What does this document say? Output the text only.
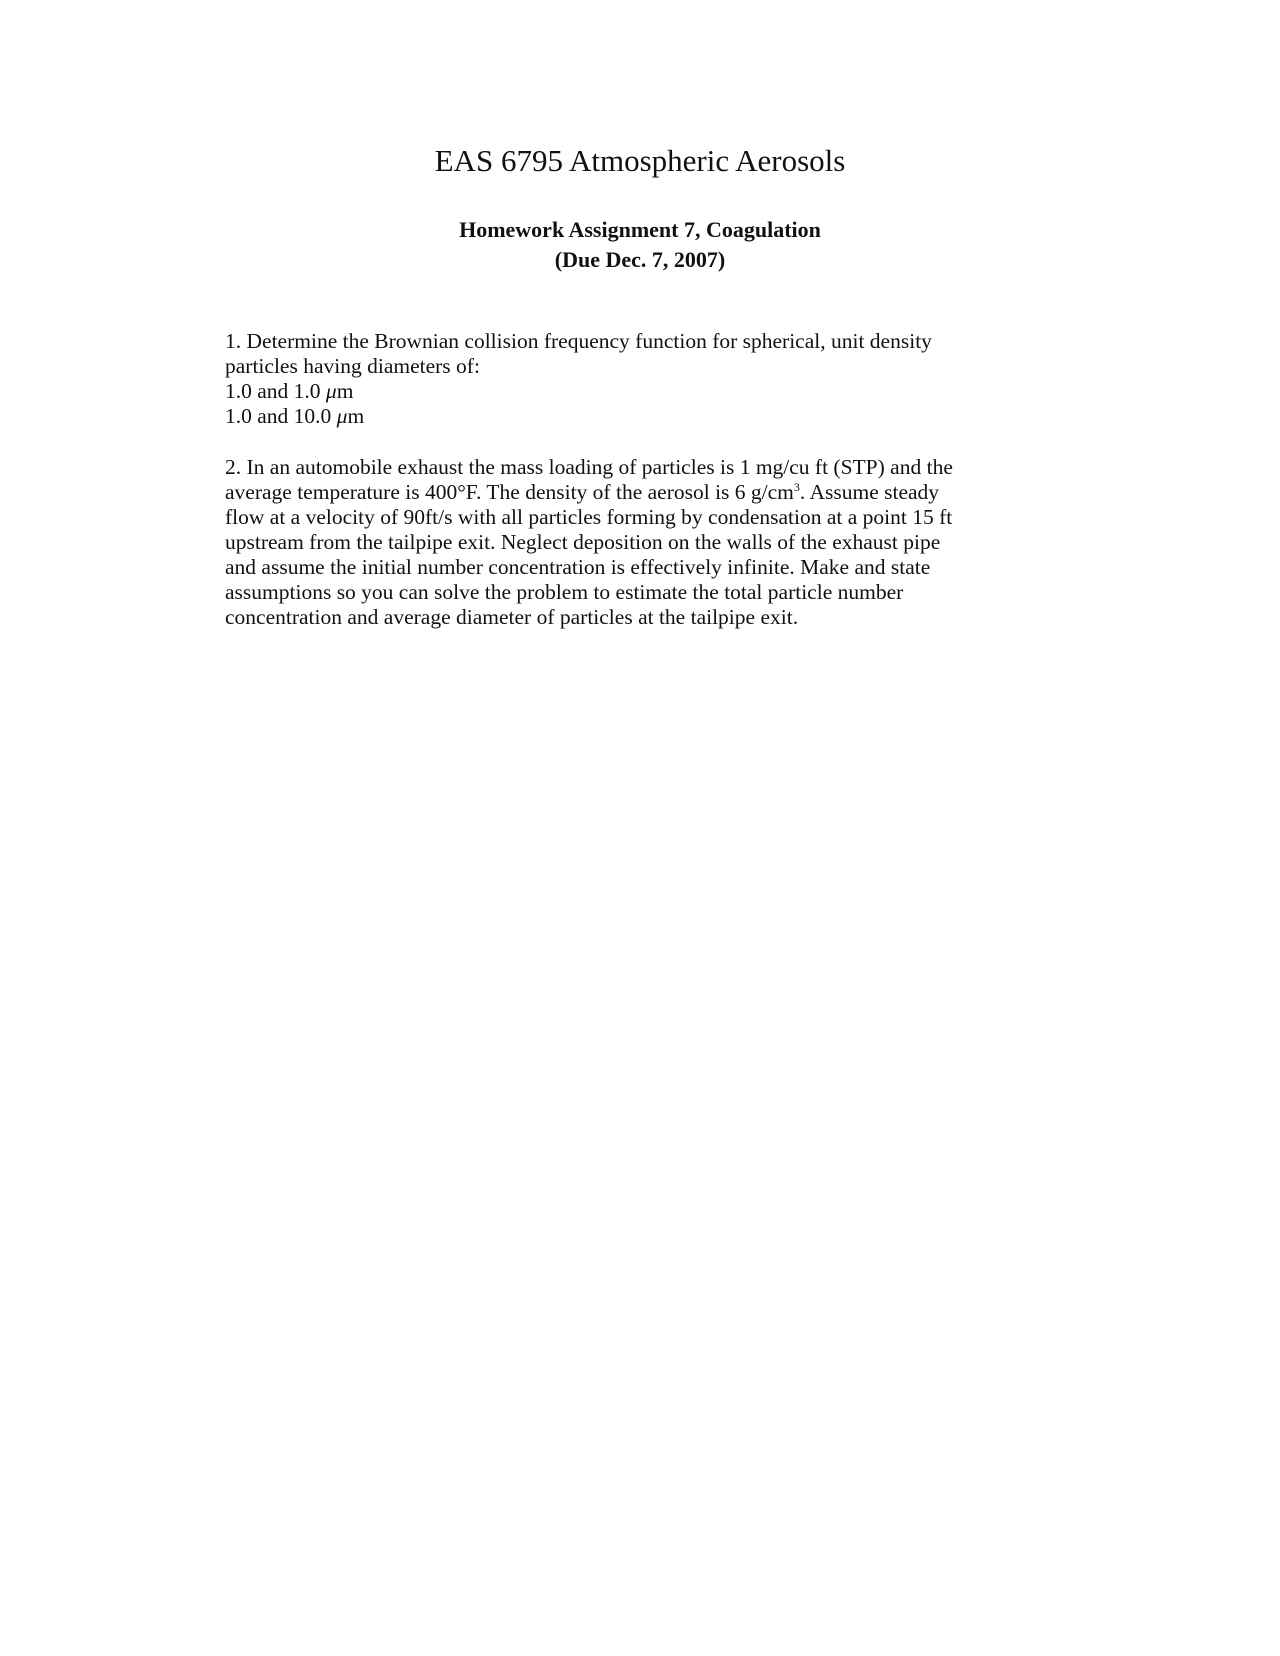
EAS 6795 Atmospheric Aerosols
Homework Assignment 7, Coagulation
(Due Dec. 7, 2007)
1. Determine the Brownian collision frequency function for spherical, unit density
particles having diameters of:
1.0 and 1.0 μm
1.0 and 10.0 μm
2. In an automobile exhaust the mass loading of particles is 1 mg/cu ft (STP) and the
average temperature is 400°F. The density of the aerosol is 6 $g/cm^3$. Assume steady
flow at a velocity of 90ft/s with all particles forming by condensation at a point 15 ft
upstream from the tailpipe exit. Neglect deposition on the walls of the exhaust pipe
and assume the initial number concentration is effectively infinite. Make and state
assumptions so you can solve the problem to estimate the total particle number
concentration and average diameter of particles at the tailpipe exit.
